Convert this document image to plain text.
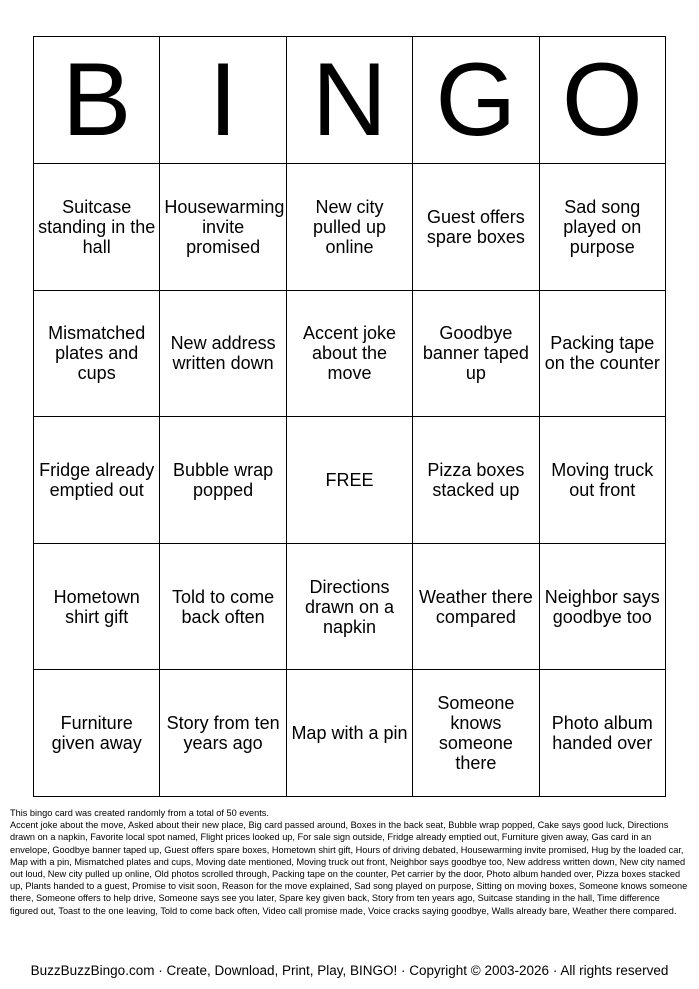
B	I	N	G	O
Suitcase standing in the hall	Housewarming invite promised	New city pulled up online	Guest offers spare boxes	Sad song played on purpose
Mismatched plates and cups	New address written down	Accent joke about the move	Goodbye banner taped up	Packing tape on the counter
Fridge already emptied out	Bubble wrap popped	FREE	Pizza boxes stacked up	Moving truck out front
Hometown shirt gift	Told to come back often	Directions drawn on a napkin	Weather there compared	Neighbor says goodbye too
Furniture given away	Story from ten years ago	Map with a pin	Someone knows someone there	Photo album handed over

This bingo card was created randomly from a total of 50 events.

Accent joke about the move, Asked about their new place, Big card passed around, Boxes in the back seat, Bubble wrap popped, Cake says good luck, Directions drawn on a napkin, Favorite local spot named, Flight prices looked up, For sale sign outside, Fridge already emptied out, Furniture given away, Gas card in an envelope, Goodbye banner taped up, Guest offers spare boxes, Hometown shirt gift, Hours of driving debated, Housewarming invite promised, Hug by the loaded car, Map with a pin, Mismatched plates and cups, Moving date mentioned, Moving truck out front, Neighbor says goodbye too, New address written down, New city named out loud, New city pulled up online, Old photos scrolled through, Packing tape on the counter, Pet carrier by the door, Photo album handed over, Pizza boxes stacked up, Plants handed to a guest, Promise to visit soon, Reason for the move explained, Sad song played on purpose, Sitting on moving boxes, Someone knows someone there, Someone offers to help drive, Someone says see you later, Spare key given back, Story from ten years ago, Suitcase standing in the hall, Time difference figured out, Toast to the one leaving, Told to come back often, Video call promise made, Voice cracks saying goodbye, Walls already bare, Weather there compared.

BuzzBuzzBingo.com · Create, Download, Print, Play, BINGO! · Copyright © 2003-2026 · All rights reserved
